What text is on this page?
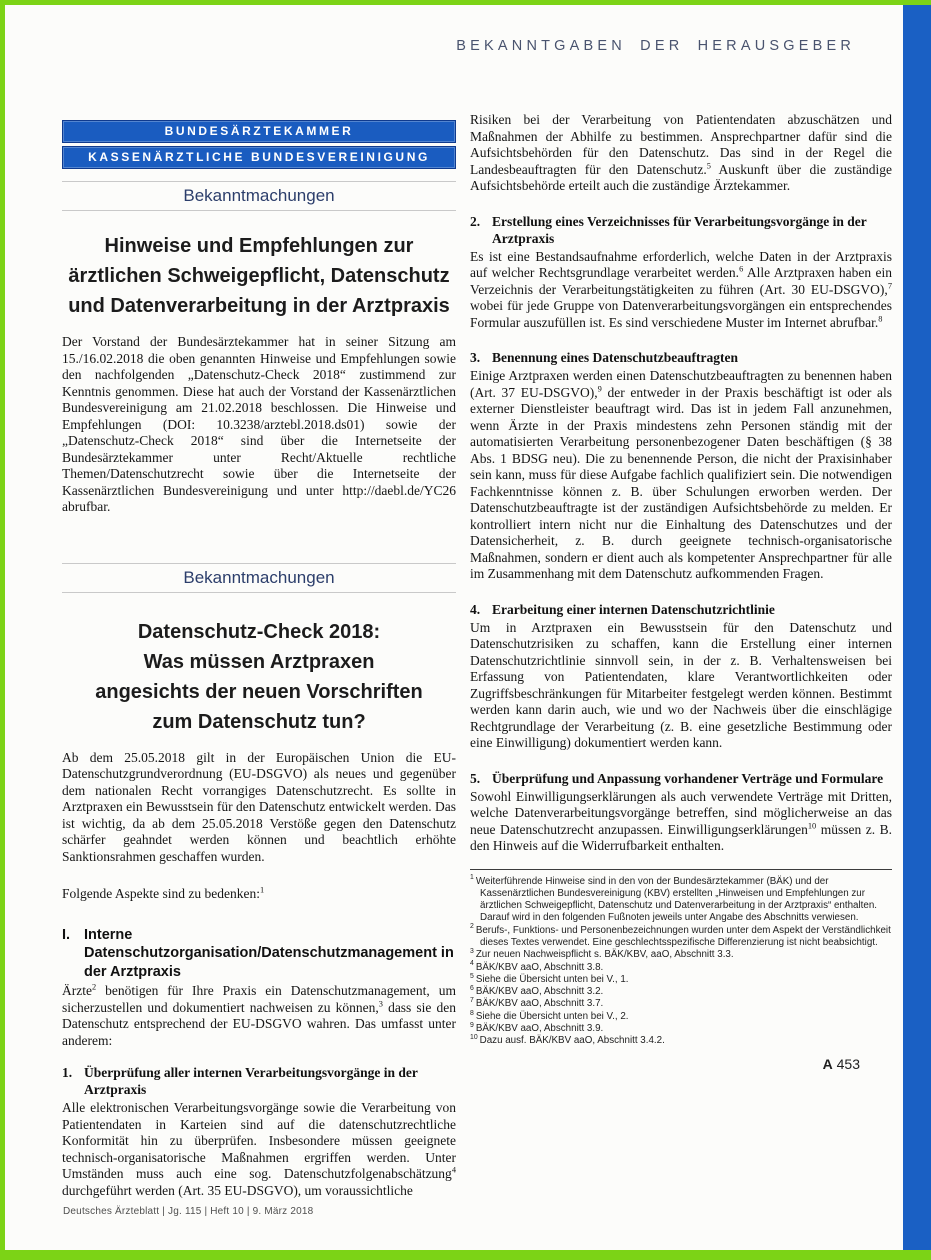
BEKANNTGABEN DER HERAUSGEBER
BUNDESÄRZTEKAMMER
KASSENÄRZTLICHE BUNDESVEREINIGUNG
Bekanntmachungen
Hinweise und Empfehlungen zur
ärztlichen Schweigepflicht, Datenschutz
und Datenverarbeitung in der Arztpraxis

Der Vorstand der Bundesärztekammer hat in seiner Sitzung am 15./16.02.2018 die oben genannten Hinweise und Empfehlungen sowie den nachfolgenden „Datenschutz-Check 2018“ zustimmend zur Kenntnis genommen. Diese hat auch der Vorstand der Kassenärztlichen Bundesvereinigung am 21.02.2018 beschlossen. Die Hinweise und Empfehlungen (DOI: 10.3238/arztebl.2018.ds01) sowie der „Datenschutz-Check 2018“ sind über die Internetseite der Bundesärztekammer unter Recht/Aktuelle rechtliche Themen/Datenschutzrecht sowie über die Internetseite der Kassenärztlichen Bundesvereinigung und unter http://daebl.de/YC26 abrufbar.

Bekanntmachungen
Datenschutz-Check 2018:
Was müssen Arztpraxen
angesichts der neuen Vorschriften
zum Datenschutz tun?

Ab dem 25.05.2018 gilt in der Europäischen Union die EU-Datenschutzgrundverordnung (EU-DSGVO) als neues und gegenüber dem nationalen Recht vorrangiges Datenschutzrecht. Es sollte in Arztpraxen ein Bewusstsein für den Datenschutz entwickelt werden. Das ist wichtig, da ab dem 25.05.2018 Verstöße gegen den Datenschutz schärfer geahndet werden können und beachtlich erhöhte Sanktionsrahmen geschaffen wurden.

Folgende Aspekte sind zu bedenken:$^1$

I. Interne Datenschutzorganisation/Datenschutzmanagement in der Arztpraxis

Ärzte$^2$ benötigen für Ihre Praxis ein Datenschutzmanagement, um sicherzustellen und dokumentiert nachweisen zu können,$^3$ dass sie den Datenschutz entsprechend der EU-DSGVO wahren. Das umfasst unter anderem:

1. Überprüfung aller internen Verarbeitungsvorgänge in der Arztpraxis

Alle elektronischen Verarbeitungsvorgänge sowie die Verarbeitung von Patientendaten in Karteien sind auf die datenschutzrechtliche Konformität hin zu überprüfen. Insbesondere müssen geeignete technisch-organisatorische Maßnahmen ergriffen werden. Unter Umständen muss auch eine sog. Datenschutzfolgenabschätzung$^4$ durchgeführt werden (Art. 35 EU-DSGVO), um voraussichtliche

Risiken bei der Verarbeitung von Patientendaten abzuschätzen und Maßnahmen der Abhilfe zu bestimmen. Ansprechpartner dafür sind die Aufsichtsbehörden für den Datenschutz. Das sind in der Regel die Landesbeauftragten für den Datenschutz.$^5$ Auskunft über die zuständige Aufsichtsbehörde erteilt auch die zuständige Ärztekammer.

2. Erstellung eines Verzeichnisses für Verarbeitungsvorgänge in der Arztpraxis

Es ist eine Bestandsaufnahme erforderlich, welche Daten in der Arztpraxis auf welcher Rechtsgrundlage verarbeitet werden.$^6$ Alle Arztpraxen haben ein Verzeichnis der Verarbeitungstätigkeiten zu führen (Art. 30 EU-DSGVO),$^7$ wobei für jede Gruppe von Datenverarbeitungsvorgängen ein entsprechendes Formular auszufüllen ist. Es sind verschiedene Muster im Internet abrufbar.$^8$

3. Benennung eines Datenschutzbeauftragten

Einige Arztpraxen werden einen Datenschutzbeauftragten zu benennen haben (Art. 37 EU-DSGVO),$^9$ der entweder in der Praxis beschäftigt ist oder als externer Dienstleister beauftragt wird. Das ist in jedem Fall anzunehmen, wenn Ärzte in der Praxis mindestens zehn Personen ständig mit der automatisierten Verarbeitung personenbezogener Daten beschäftigen (§ 38 Abs. 1 BDSG neu). Die zu benennende Person, die nicht der Praxisinhaber sein kann, muss für diese Aufgabe fachlich qualifiziert sein. Die notwendigen Fachkenntnisse können z. B. über Schulungen erworben werden. Der Datenschutzbeauftragte ist der zuständigen Aufsichtsbehörde zu melden. Er kontrolliert intern nicht nur die Einhaltung des Datenschutzes und der Datensicherheit, z. B. durch geeignete technisch-organisatorische Maßnahmen, sondern er dient auch als kompetenter Ansprechpartner für alle im Zusammenhang mit dem Datenschutz aufkommenden Fragen.

4. Erarbeitung einer internen Datenschutzrichtlinie

Um in Arztpraxen ein Bewusstsein für den Datenschutz und Datenschutzrisiken zu schaffen, kann die Erstellung einer internen Datenschutzrichtlinie sinnvoll sein, in der z. B. Verhaltensweisen bei Erfassung von Patientendaten, klare Verantwortlichkeiten oder Zugriffsbeschränkungen für Mitarbeiter festgelegt werden können. Bestimmt werden kann darin auch, wie und wo der Nachweis über die einschlägige Rechtgrundlage der Verarbeitung (z. B. eine gesetzliche Bestimmung oder eine Einwilligung) dokumentiert werden kann.

5. Überprüfung und Anpassung vorhandener Verträge und Formulare

Sowohl Einwilligungserklärungen als auch verwendete Verträge mit Dritten, welche Datenverarbeitungsvorgänge betreffen, sind möglicherweise an das neue Datenschutzrecht anzupassen. Einwilligungserklärungen$^{10}$ müssen z. B. den Hinweis auf die Widerrufbarkeit enthalten.

$^1$ Weiterführende Hinweise sind in den von der Bundesärztekammer (BÄK) und der Kassenärztlichen Bundesvereinigung (KBV) erstellten „Hinweisen und Empfehlungen zur ärztlichen Schweigepflicht, Datenschutz und Datenverarbeitung in der Arztpraxis“ enthalten. Darauf wird in den folgenden Fußnoten jeweils unter Angabe des Abschnitts verwiesen.
$^2$ Berufs-, Funktions- und Personenbezeichnungen wurden unter dem Aspekt der Verständlichkeit dieses Textes verwendet. Eine geschlechtsspezifische Differenzierung ist nicht beabsichtigt.
$^3$ Zur neuen Nachweispflicht s. BÄK/KBV, aaO, Abschnitt 3.3.
$^4$ BÄK/KBV aaO, Abschnitt 3.8.
$^5$ Siehe die Übersicht unten bei V., 1.
$^6$ BÄK/KBV aaO, Abschnitt 3.2.
$^7$ BÄK/KBV aaO, Abschnitt 3.7.
$^8$ Siehe die Übersicht unten bei V., 2.
$^9$ BÄK/KBV aaO, Abschnitt 3.9.
$^{10}$ Dazu ausf. BÄK/KBV aaO, Abschnitt 3.4.2.
A 453
Deutsches Ärzteblatt | Jg. 115 | Heft 10 | 9. März 2018
